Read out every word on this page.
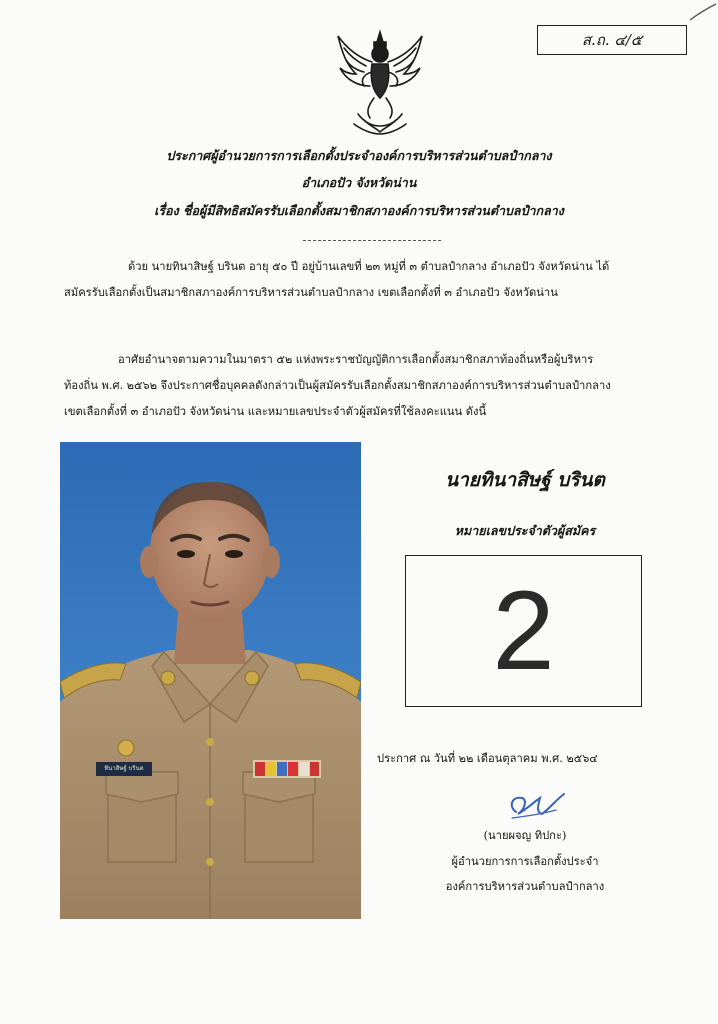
ส.ถ. ๔/๕
ประกาศผู้อำนวยการการเลือกตั้งประจำองค์การบริหารส่วนตำบลปำกลาง
อำเภอปัว จังหวัดน่าน
เรื่อง ชื่อผู้มีสิทธิสมัครรับเลือกตั้งสมาชิกสภาองค์การบริหารส่วนตำบลปำกลาง
ด้วย นายทินาสิษฐ์ บรินต อายุ ๕๐ ปี อยู่บ้านเลขที่ ๒๓ หมู่ที่ ๓ ตำบลปำกลาง อำเภอปัว จังหวัดน่าน ได้
สมัครรับเลือกตั้งเป็นสมาชิกสภาองค์การบริหารส่วนตำบลปำกลาง เขตเลือกตั้งที่ ๓ อำเภอปัว จังหวัดน่าน
อาศัยอำนาจตามความในมาตรา ๕๒ แห่งพระราชบัญญัติการเลือกตั้งสมาชิกสภาท้องถิ่นหรือผู้บริหาร
ท้องถิ่น พ.ศ. ๒๕๖๒ จึงประกาศชื่อบุคคลดังกล่าวเป็นผู้สมัครรับเลือกตั้งสมาชิกสภาองค์การบริหารส่วนตำบลปำกลาง
เขตเลือกตั้งที่ ๓ อำเภอปัว จังหวัดน่าน และหมายเลขประจำตัวผู้สมัครที่ใช้ลงคะแนน ดังนี้
ทินาสิษฐ์ บรินต
นายทินาสิษฐ์ บรินต
หมายเลขประจำตัวผู้สมัคร
2
ประกาศ ณ วันที่ ๒๒ เดือนตุลาคม พ.ศ. ๒๕๖๔
(นายผจญ ทิปกะ)
ผู้อำนวยการการเลือกตั้งประจำ
องค์การบริหารส่วนตำบลปำกลาง
